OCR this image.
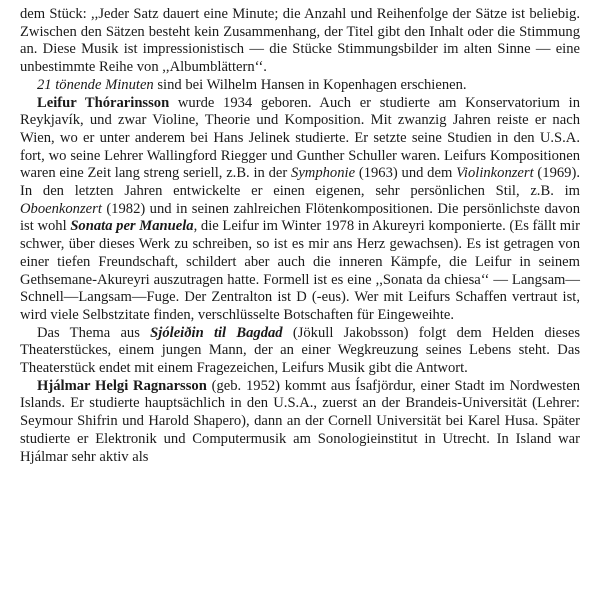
dem Stück: ,,Jeder Satz dauert eine Minute; die Anzahl und Reihenfolge der Sätze ist beliebig. Zwischen den Sätzen besteht kein Zusammenhang, der Titel gibt den Inhalt oder die Stimmung an. Diese Musik ist impressionistisch — die Stücke Stimmungsbilder im alten Sinne — eine unbestimmte Reihe von ,,Albumblättern‘‘.

21 tönende Minuten sind bei Wilhelm Hansen in Kopenhagen erschienen.

Leifur Thórarinsson wurde 1934 geboren. Auch er studierte am Konservatorium in Reykjavík, und zwar Violine, Theorie und Komposition. Mit zwanzig Jahren reiste er nach Wien, wo er unter anderem bei Hans Jelinek studierte. Er setzte seine Studien in den U.S.A. fort, wo seine Lehrer Wallingford Riegger und Gunther Schuller waren. Leifurs Kompositionen waren eine Zeit lang streng seriell, z.B. in der Symphonie (1963) und dem Violinkonzert (1969). In den letzten Jahren entwickelte er einen eigenen, sehr persönlichen Stil, z.B. im Oboenkonzert (1982) und in seinen zahlreichen Flötenkompositionen. Die persönlichste davon ist wohl Sonata per Manuela, die Leifur im Winter 1978 in Akureyri komponierte. (Es fällt mir schwer, über dieses Werk zu schreiben, so ist es mir ans Herz gewachsen). Es ist getragen von einer tiefen Freundschaft, schildert aber auch die inneren Kämpfe, die Leifur in seinem Gethsemane-Akureyri auszutragen hatte. Formell ist es eine ,,Sonata da chiesa‘‘ — Langsam—Schnell—Langsam—Fuge. Der Zentralton ist D (-eus). Wer mit Leifurs Schaffen vertraut ist, wird viele Selbstzitate finden, verschlüsselte Botschaften für Eingeweihte.

Das Thema aus Sjóleiðin til Bagdad (Jökull Jakobsson) folgt dem Helden dieses Theaterstückes, einem jungen Mann, der an einer Wegkreuzung seines Lebens steht. Das Theaterstück endet mit einem Fragezeichen, Leifurs Musik gibt die Antwort.

Hjálmar Helgi Ragnarsson (geb. 1952) kommt aus Ísafjördur, einer Stadt im Nordwesten Islands. Er studierte hauptsächlich in den U.S.A., zuerst an der Brandeis-Universität (Lehrer: Seymour Shifrin und Harold Shapero), dann an der Cornell Universität bei Karel Husa. Später studierte er Elektronik und Computermusik am Sonologieinstitut in Utrecht. In Island war Hjálmar sehr aktiv als
